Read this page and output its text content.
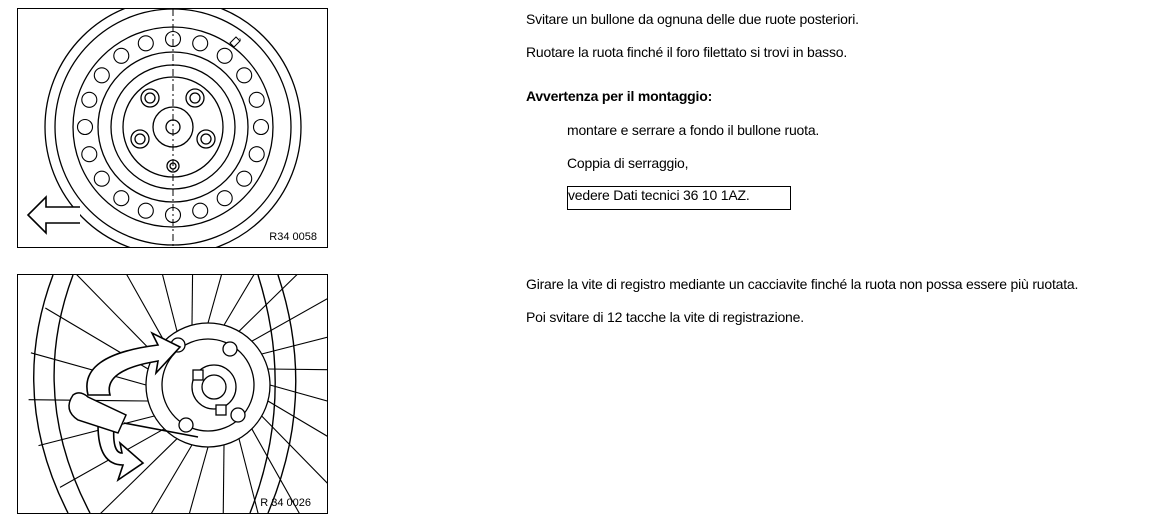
°
R34 0058
R 34 0026
Svitare un bullone da ognuna delle due ruote posteriori.
Ruotare la ruota finché il foro filettato si trovi in basso.
Avvertenza per il montaggio:
montare e serrare a fondo il bullone ruota.
Coppia di serraggio,
vedere Dati tecnici 36 10 1AZ.
Girare la vite di registro mediante un cacciavite finché la ruota non possa essere più ruotata.
Poi svitare di 12 tacche la vite di registrazione.
